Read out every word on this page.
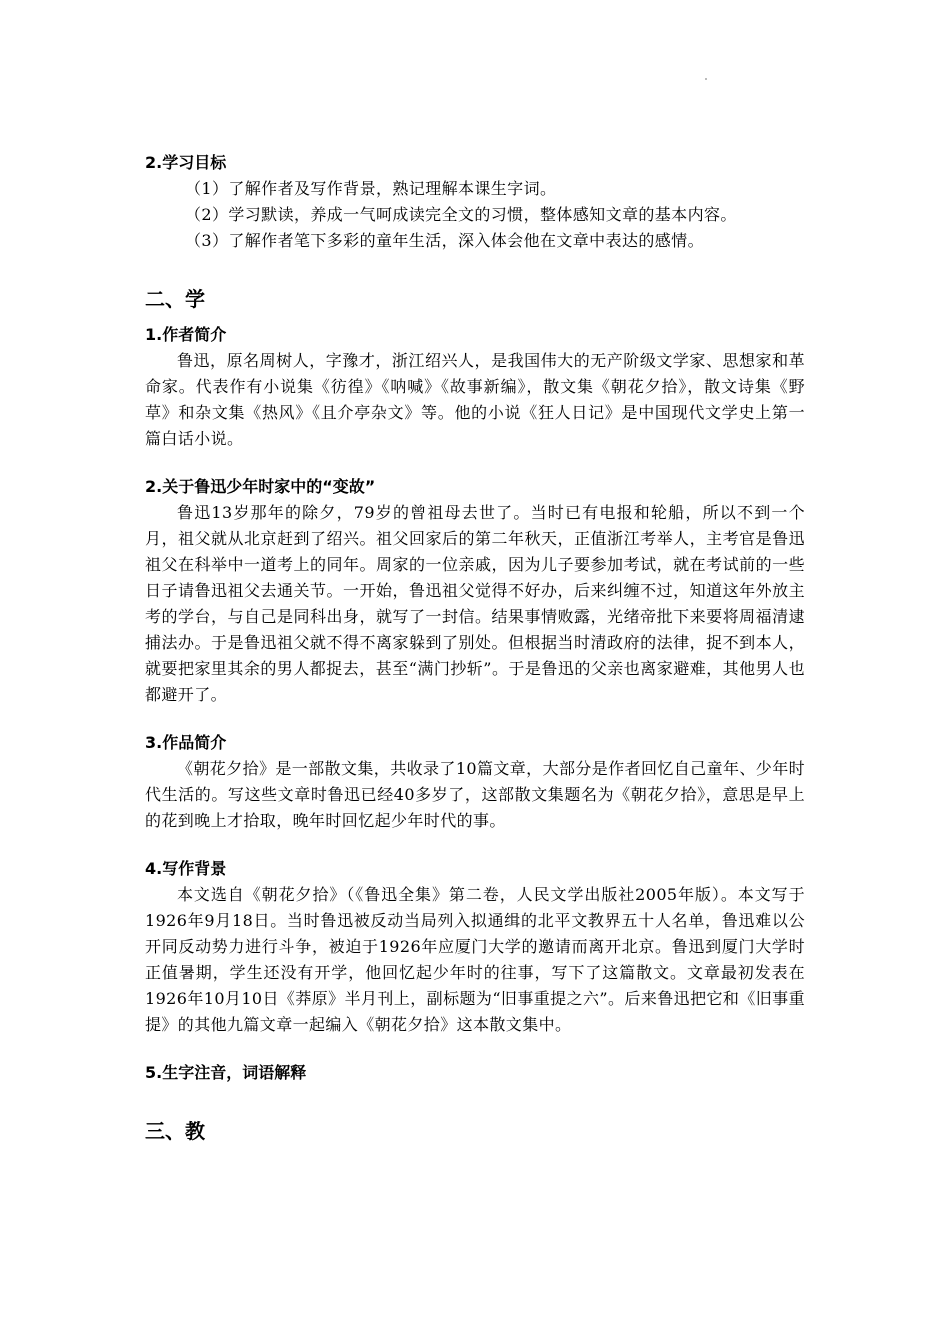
2.学习目标

（1）了解作者及写作背景，熟记理解本课生字词。

（2）学习默读，养成一气呵成读完全文的习惯，整体感知文章的基本内容。

（3）了解作者笔下多彩的童年生活，深入体会他在文章中表达的感情。

二、学

1.作者简介

鲁迅，原名周树人，字豫才，浙江绍兴人，是我国伟大的无产阶级文学家、思想家和革命家。代表作有小说集《彷徨》《呐喊》《故事新编》，散文集《朝花夕拾》，散文诗集《野草》和杂文集《热风》《且介亭杂文》等。他的小说《狂人日记》是中国现代文学史上第一篇白话小说。

2.关于鲁迅少年时家中的“变故”

鲁迅13岁那年的除夕，79岁的曾祖母去世了。当时已有电报和轮船，所以不到一个月，祖父就从北京赶到了绍兴。祖父回家后的第二年秋天，正值浙江考举人，主考官是鲁迅祖父在科举中一道考上的同年。周家的一位亲戚，因为儿子要参加考试，就在考试前的一些日子请鲁迅祖父去通关节。一开始，鲁迅祖父觉得不好办，后来纠缠不过，知道这年外放主考的学台，与自己是同科出身，就写了一封信。结果事情败露，光绪帝批下来要将周福清逮捕法办。于是鲁迅祖父就不得不离家躲到了别处。但根据当时清政府的法律，捉不到本人，就要把家里其余的男人都捉去，甚至“满门抄斩”。于是鲁迅的父亲也离家避难，其他男人也都避开了。

3.作品简介

《朝花夕拾》是一部散文集，共收录了10篇文章，大部分是作者回忆自己童年、少年时代生活的。写这些文章时鲁迅已经40多岁了，这部散文集题名为《朝花夕拾》，意思是早上的花到晚上才拾取，晚年时回忆起少年时代的事。

4.写作背景

本文选自《朝花夕拾》（《鲁迅全集》第二卷，人民文学出版社2005年版）。本文写于1926年9月18日。当时鲁迅被反动当局列入拟通缉的北平文教界五十人名单，鲁迅难以公开同反动势力进行斗争，被迫于1926年应厦门大学的邀请而离开北京。鲁迅到厦门大学时正值暑期，学生还没有开学，他回忆起少年时的往事，写下了这篇散文。文章最初发表在1926年10月10日《莽原》半月刊上，副标题为“旧事重提之六”。后来鲁迅把它和《旧事重提》的其他九篇文章一起编入《朝花夕拾》这本散文集中。

5.生字注音，词语解释

三、教
